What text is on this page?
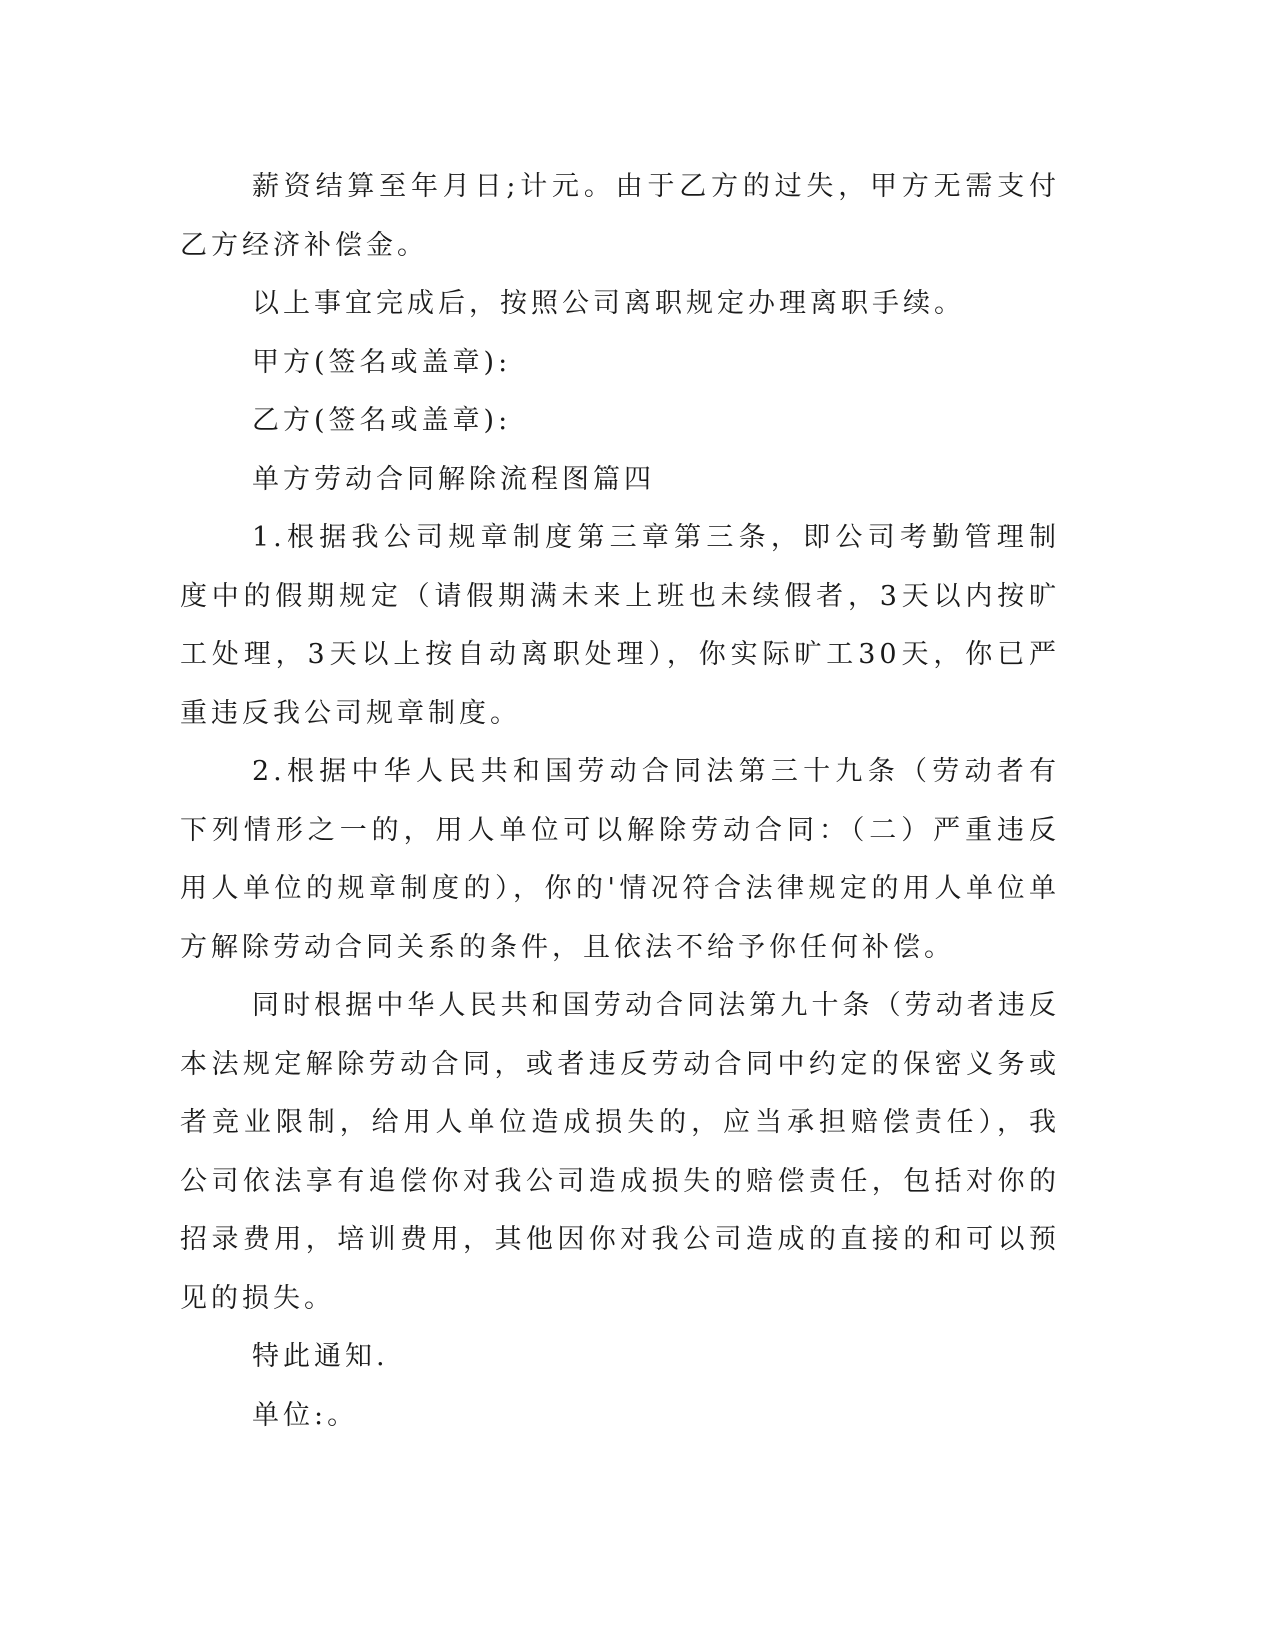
薪资结算至年月日;计元。由于乙方的过失，甲方无需支付乙方经济补偿金。

以上事宜完成后，按照公司离职规定办理离职手续。

甲方(签名或盖章):

乙方(签名或盖章):

单方劳动合同解除流程图篇四

1.根据我公司规章制度第三章第三条，即公司考勤管理制度中的假期规定（请假期满未来上班也未续假者，3天以内按旷工处理，3天以上按自动离职处理），你实际旷工30天，你已严重违反我公司规章制度。

2.根据中华人民共和国劳动合同法第三十九条（劳动者有下列情形之一的，用人单位可以解除劳动合同：（二）严重违反用人单位的规章制度的），你的'情况符合法律规定的用人单位单方解除劳动合同关系的条件，且依法不给予你任何补偿。

同时根据中华人民共和国劳动合同法第九十条（劳动者违反本法规定解除劳动合同，或者违反劳动合同中约定的保密义务或者竞业限制，给用人单位造成损失的，应当承担赔偿责任），我公司依法享有追偿你对我公司造成损失的赔偿责任，包括对你的招录费用，培训费用，其他因你对我公司造成的直接的和可以预见的损失。

特此通知.

单位:。
